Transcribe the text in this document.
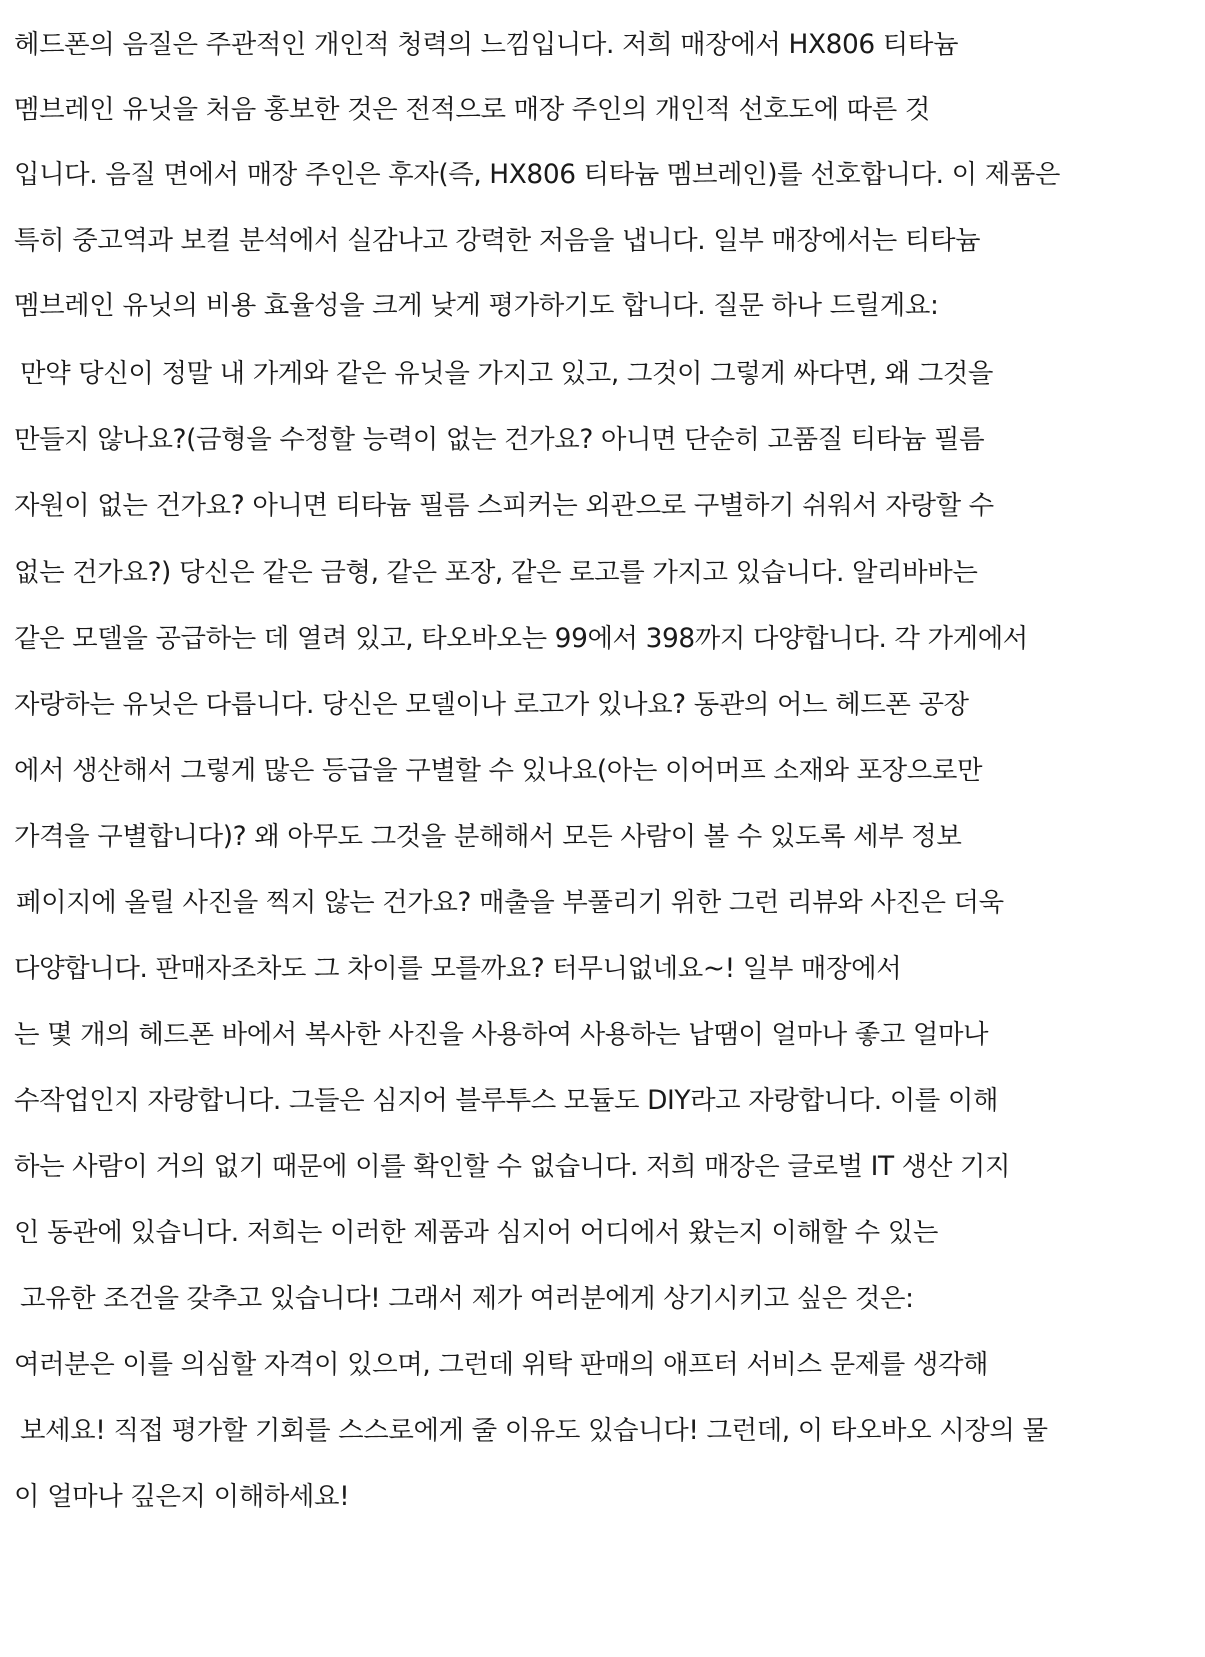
헤드폰의 음질은 주관적인 개인적 청력의 느낌입니다. 저희 매장에서 HX806 티타늄

멤브레인 유닛을 처음 홍보한 것은 전적으로 매장 주인의 개인적 선호도에 따른 것

입니다. 음질 면에서 매장 주인은 후자(즉, HX806 티타늄 멤브레인)를 선호합니다. 이 제품은

특히 중고역과 보컬 분석에서 실감나고 강력한 저음을 냅니다. 일부 매장에서는 티타늄

멤브레인 유닛의 비용 효율성을 크게 낮게 평가하기도 합니다. 질문 하나 드릴게요:

만약 당신이 정말 내 가게와 같은 유닛을 가지고 있고, 그것이 그렇게 싸다면, 왜 그것을

만들지 않나요?(금형을 수정할 능력이 없는 건가요? 아니면 단순히 고품질 티타늄 필름

자원이 없는 건가요? 아니면 티타늄 필름 스피커는 외관으로 구별하기 쉬워서 자랑할 수

없는 건가요?) 당신은 같은 금형, 같은 포장, 같은 로고를 가지고 있습니다. 알리바바는

같은 모델을 공급하는 데 열려 있고, 타오바오는 99에서 398까지 다양합니다. 각 가게에서

자랑하는 유닛은 다릅니다. 당신은 모델이나 로고가 있나요? 동관의 어느 헤드폰 공장

에서 생산해서 그렇게 많은 등급을 구별할 수 있나요(아는 이어머프 소재와 포장으로만

가격을 구별합니다)? 왜 아무도 그것을 분해해서 모든 사람이 볼 수 있도록 세부 정보

페이지에 올릴 사진을 찍지 않는 건가요? 매출을 부풀리기 위한 그런 리뷰와 사진은 더욱

다양합니다. 판매자조차도 그 차이를 모를까요? 터무니없네요~! 일부 매장에서

는 몇 개의 헤드폰 바에서 복사한 사진을 사용하여 사용하는 납땜이 얼마나 좋고 얼마나

수작업인지 자랑합니다. 그들은 심지어 블루투스 모듈도 DIY라고 자랑합니다. 이를 이해

하는 사람이 거의 없기 때문에 이를 확인할 수 없습니다. 저희 매장은 글로벌 IT 생산 기지

인 동관에 있습니다. 저희는 이러한 제품과 심지어 어디에서 왔는지 이해할 수 있는

고유한 조건을 갖추고 있습니다! 그래서 제가 여러분에게 상기시키고 싶은 것은:

여러분은 이를 의심할 자격이 있으며, 그런데 위탁 판매의 애프터 서비스 문제를 생각해

보세요! 직접 평가할 기회를 스스로에게 줄 이유도 있습니다! 그런데, 이 타오바오 시장의 물

이 얼마나 깊은지 이해하세요!
